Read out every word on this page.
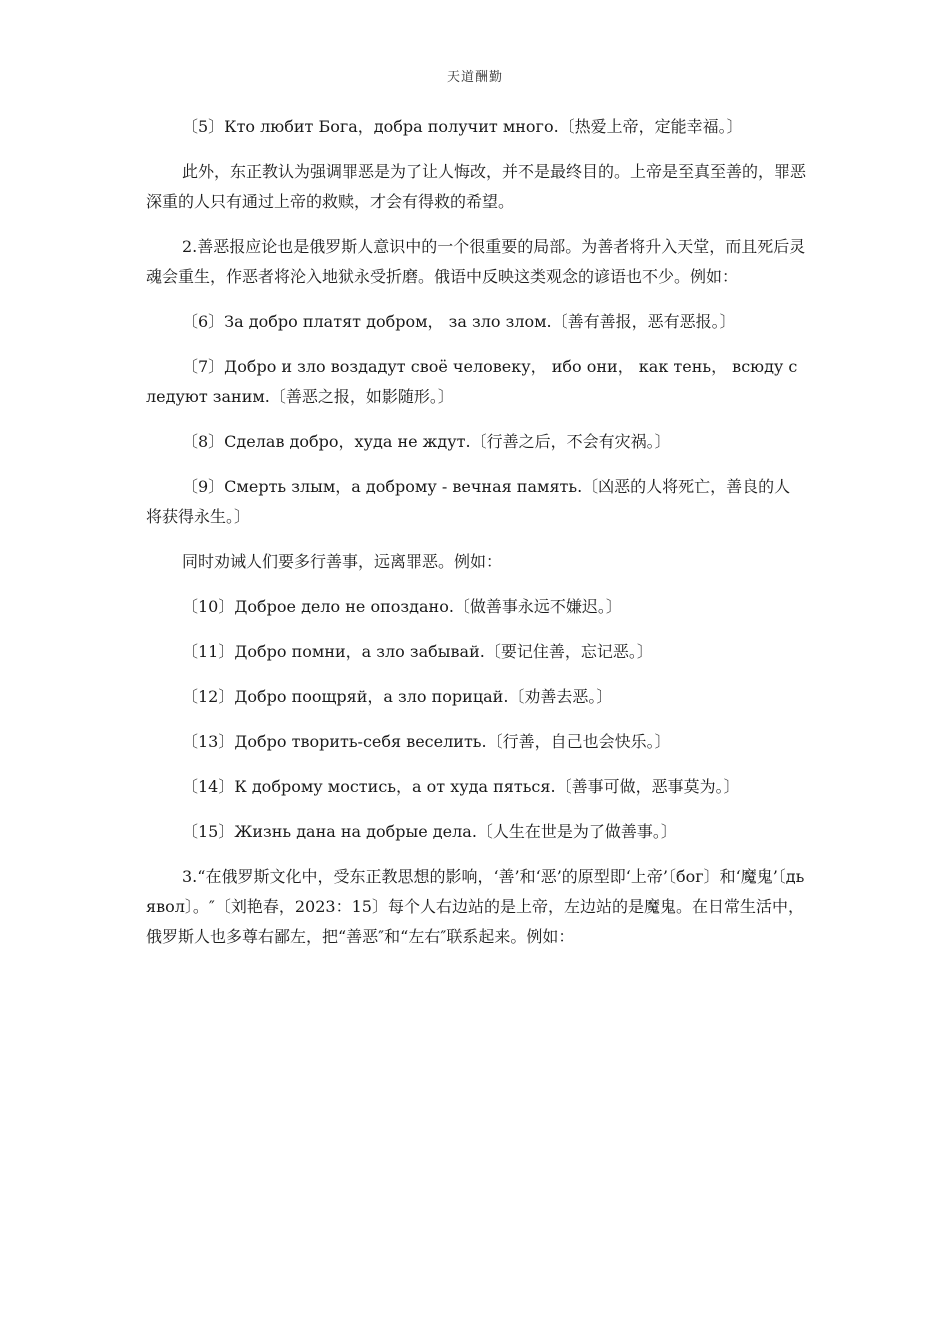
天道酬勤

〔5〕Кто любит Бога，добра получит много.〔热爱上帝，定能幸福。〕

此外，东正教认为强调罪恶是为了让人悔改，并不是最终目的。上帝是至真至善的，罪恶深重的人只有通过上帝的救赎，才会有得救的希望。

2.善恶报应论也是俄罗斯人意识中的一个很重要的局部。为善者将升入天堂，而且死后灵魂会重生，作恶者将沦入地狱永受折磨。俄语中反映这类观念的谚语也不少。例如：

〔6〕За добро платят добром， за зло злом.〔善有善报，恶有恶报。〕

〔7〕Добро и зло воздадут своё человеку， ибо они， как тень， всюду следуют заним.〔善恶之报，如影随形。〕

〔8〕Сделав добро，худа не ждут.〔行善之后，不会有灾祸。〕

〔9〕Смерть злым，а доброму - вечная память.〔凶恶的人将死亡，善良的人将获得永生。〕

同时劝诫人们要多行善事，远离罪恶。例如：

〔10〕Доброе дело не опоздано.〔做善事永远不嫌迟。〕

〔11〕Добро помни，а зло забывай.〔要记住善，忘记恶。〕

〔12〕Добро поощряй，а зло порицай.〔劝善去恶。〕

〔13〕Добро творить-себя веселить.〔行善，自己也会快乐。〕

〔14〕К доброму мостись，а от худа пяться.〔善事可做，恶事莫为。〕

〔15〕Жизнь дана на добрые дела.〔人生在世是为了做善事。〕

3.“在俄罗斯文化中，受东正教思想的影响，‘善’和‘恶’的原型即‘上帝’〔бог〕和‘魔鬼’〔дьявол〕。″〔刘艳春，2023：15〕每个人右边站的是上帝，左边站的是魔鬼。在日常生活中，俄罗斯人也多尊右鄙左，把“善恶″和“左右″联系起来。例如：
